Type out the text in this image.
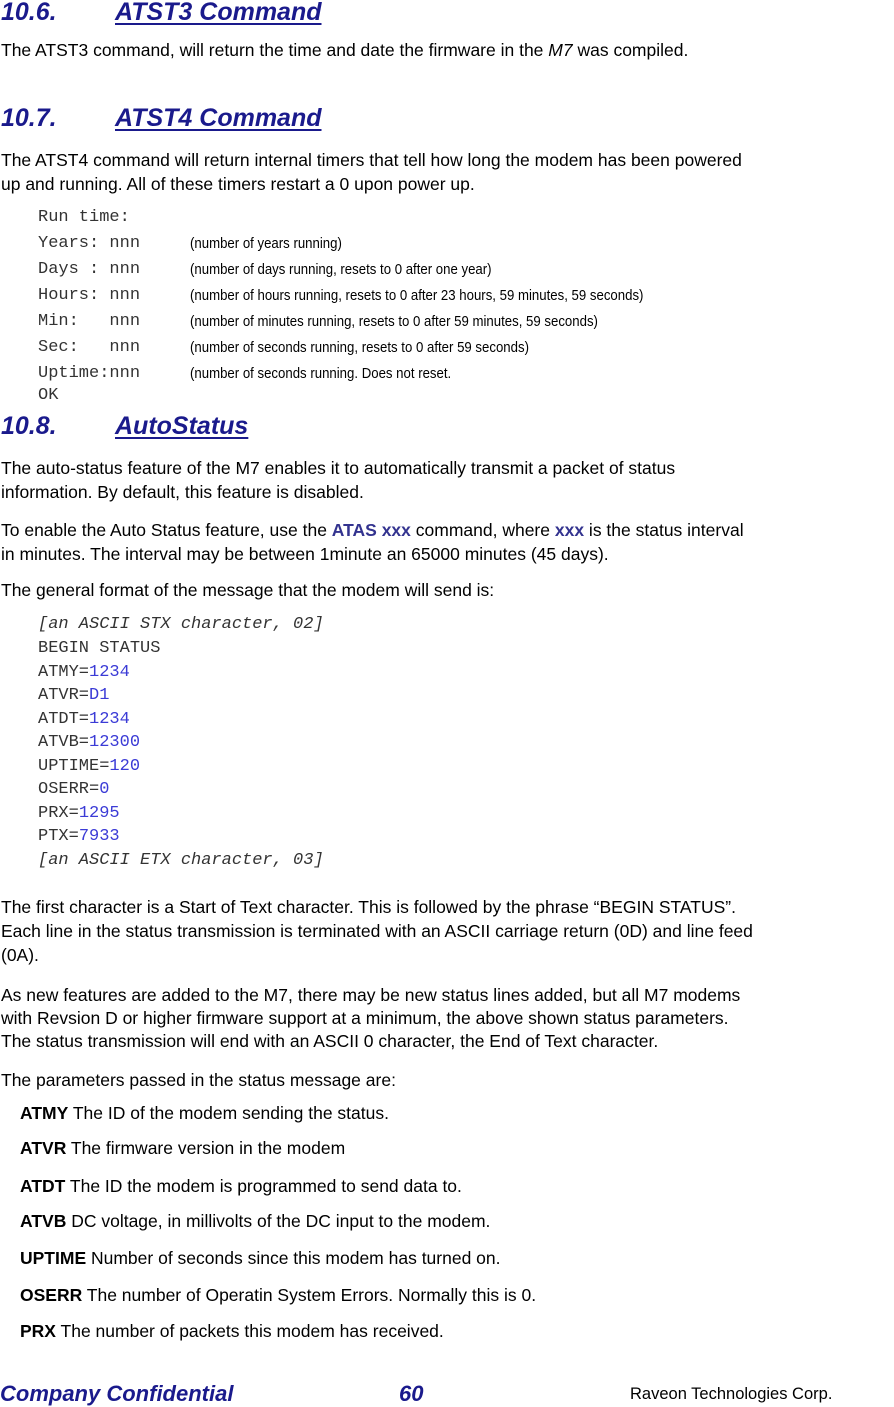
10.6. ATST3 Command

The ATST3 command, will return the time and date the firmware in the M7 was compiled.

10.7. ATST4 Command

The ATST4 command will return internal timers that tell how long the modem has been powered

up and running. All of these timers restart a 0 upon power up.

Run time:
Years: nnn	(number of years running)
Days : nnn	(number of days running, resets to 0 after one year)
Hours: nnn	(number of hours running, resets to 0 after 23 hours, 59 minutes, 59 seconds)
Min:   nnn	(number of minutes running, resets to 0 after 59 minutes, 59 seconds)
Sec:   nnn	(number of seconds running, resets to 0 after 59 seconds)
Uptime:nnn	(number of seconds running. Does not reset.
OK
10.8. AutoStatus

The auto-status feature of the M7 enables it to automatically transmit a packet of status

information. By default, this feature is disabled.

To enable the Auto Status feature, use the ATAS xxx command, where xxx is the status interval

in minutes. The interval may be between 1minute an 65000 minutes (45 days).

The general format of the message that the modem will send is:

[an ASCII STX character, 02]
BEGIN STATUS
ATMY=1234
ATVR=D1
ATDT=1234
ATVB=12300
UPTIME=120
OSERR=0
PRX=1295
PTX=7933
[an ASCII ETX character, 03]

The first character is a Start of Text character. This is followed by the phrase “BEGIN STATUS”.

Each line in the status transmission is terminated with an ASCII carriage return (0D) and line feed

(0A).

As new features are added to the M7, there may be new status lines added, but all M7 modems

with Revsion D or higher firmware support at a minimum, the above shown status parameters.

The status transmission will end with an ASCII 0 character, the End of Text character.

The parameters passed in the status message are:

ATMY The ID of the modem sending the status.
ATVR The firmware version in the modem
ATDT The ID the modem is programmed to send data to.
ATVB DC voltage, in millivolts of the DC input to the modem.
UPTIME Number of seconds since this modem has turned on.
OSERR The number of Operatin System Errors. Normally this is 0.
PRX The number of packets this modem has received.
Company Confidential	60	Raveon Technologies Corp.
